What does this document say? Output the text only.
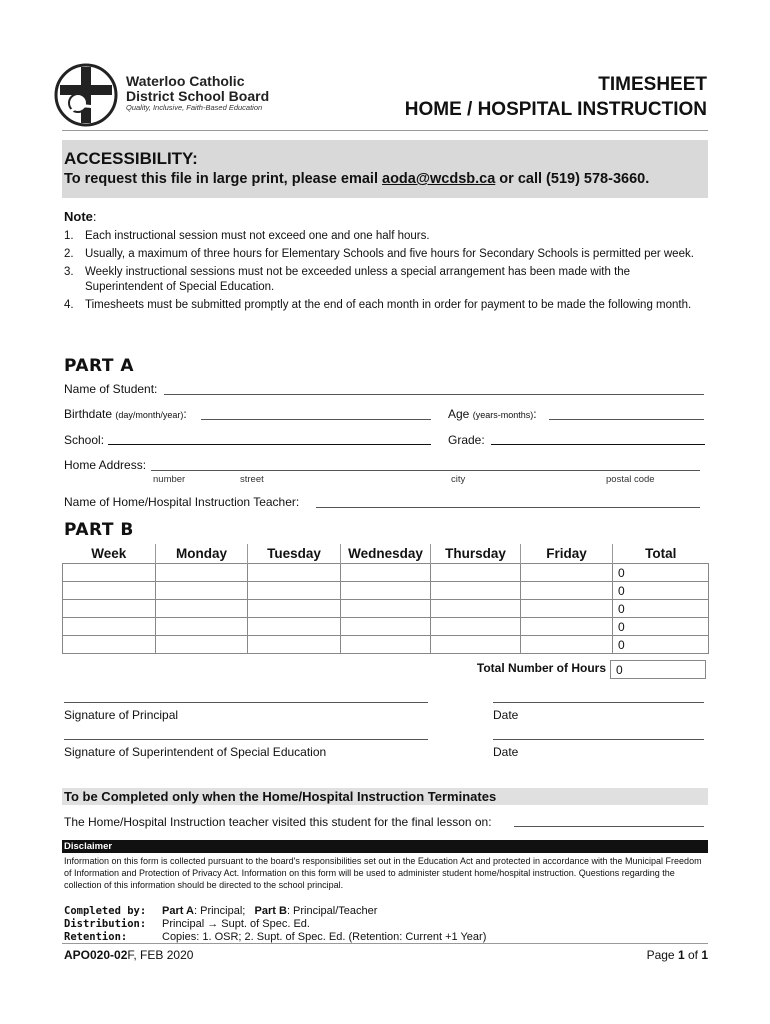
Waterloo Catholic
District School Board
Quality, Inclusive, Faith-Based Education
TIMESHEET
HOME / HOSPITAL INSTRUCTION
ACCESSIBILITY:
To request this file in large print, please email aoda@wcdsb.ca or call (519) 578-3660.
Note:
1. Each instructional session must not exceed one and one half hours.
2. Usually, a maximum of three hours for Elementary Schools and five hours for Secondary Schools is permitted per week.
3. Weekly instructional sessions must not be exceeded unless a special arrangement has been made with the Superintendent of Special Education.
4. Timesheets must be submitted promptly at the end of each month in order for payment to be made the following month.
PART A
Name of Student:
Birthdate (day/month/year):	Age (years-months):
School:	Grade:
Home Address:
number	street	city	postal code
Name of Home/Hospital Instruction Teacher:
PART B
Week	Monday	Tuesday	Wednesday	Thursday	Friday	Total
						0
						0
						0
						0
						0
Total Number of Hours 0
Signature of Principal	Date
Signature of Superintendent of Special Education	Date
To be Completed only when the Home/Hospital Instruction Terminates
The Home/Hospital Instruction teacher visited this student for the final lesson on:
Disclaimer
Information on this form is collected pursuant to the board's responsibilities set out in the Education Act and protected in accordance with the Municipal Freedom of Information and Protection of Privacy Act. Information on this form will be used to administer student home/hospital instruction. Questions regarding the collection of this information should be directed to the school principal.
Completed by:	Part A: Principal; Part B: Principal/Teacher
Distribution:	Principal → Supt. of Spec. Ed.
Retention:	Copies: 1. OSR; 2. Supt. of Spec. Ed. (Retention: Current +1 Year)
APO020-02F, FEB 2020	Page 1 of 1
